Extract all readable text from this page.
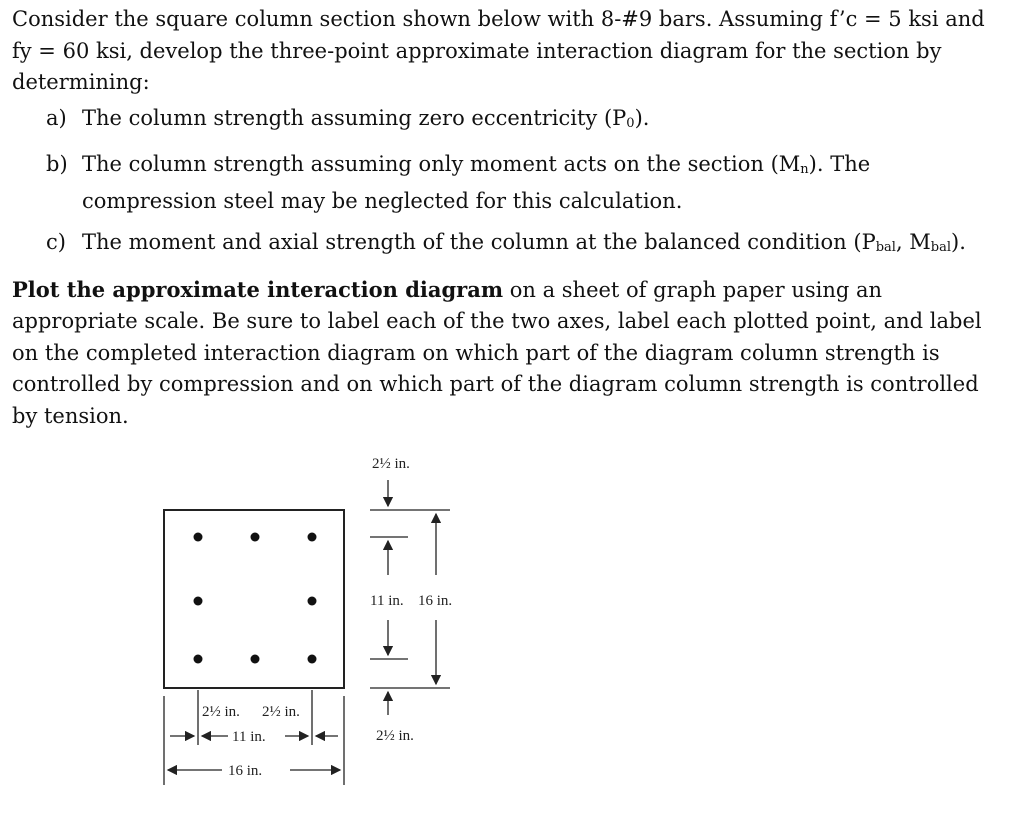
Consider the square column section shown below with 8-#9 bars. Assuming f’c = 5 ksi and fy = 60 ksi, develop the three-point approximate interaction diagram for the section by determining:

a) The column strength assuming zero eccentricity (P0).
b) The column strength assuming only moment acts on the section (Mn). The compression steel may be neglected for this calculation.
c) The moment and axial strength of the column at the balanced condition (Pbal, Mbal).

Plot the approximate interaction diagram on a sheet of graph paper using an appropriate scale. Be sure to label each of the two axes, label each plotted point, and label on the completed interaction diagram on which part of the diagram column strength is controlled by compression and on which part of the diagram column strength is controlled by tension.

2½ in.
11 in. 16 in.
2½ in.
2½ in. 2½ in.
11 in.
16 in.
